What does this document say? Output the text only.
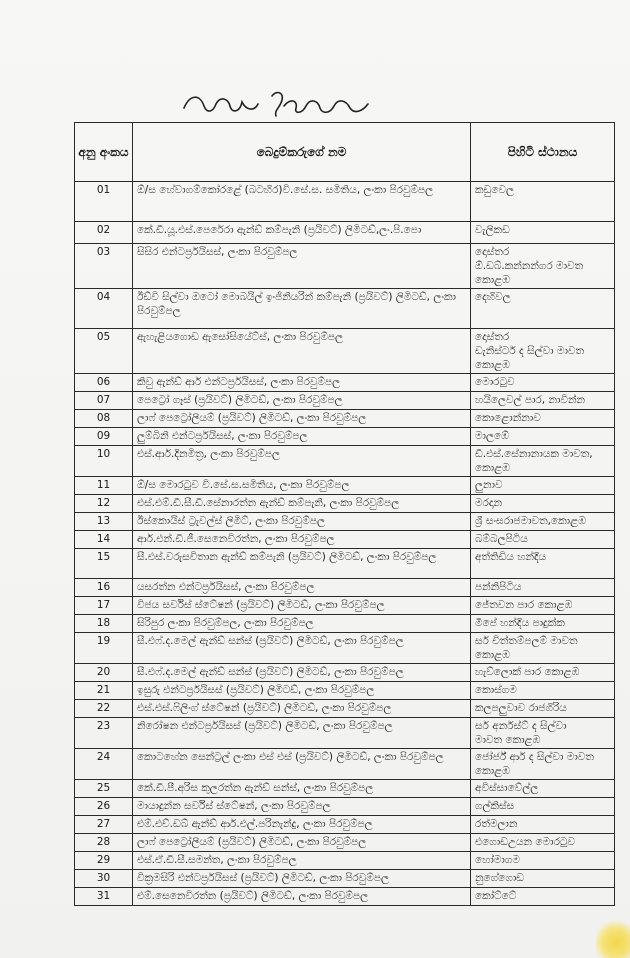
කොළඹ මුරිතකිතය
අනු අංකය	බෙදුම්කරුගේ නම	පිහිටි ස්ථානය
01	ඕ/ස හේවාගම්කෝරළේ (බටහිර)වි.සේ.ස. සමිතිය, ලංකා පිරවුම්පල	කඩුවෙල
02	කේ.ඩී.යූ.එස්.පෙරේරා ඇන්ඩ් කම්පැනි (ප්‍රයිවට්) ලිමිටඩ්,ලං.පි.පො	වැලිකඩ
03	සිසිර එන්ටර්ප්‍රයිසස්, ලංකා පිරවුම්පල	දොස්තර
ඕ.ඩබ්.කන්නන්ගර මාවත
කොළඹ
04	ඊඩ්වි සිල්වා ඔටෝ මොබයිල් ඉංජිනියරින් කම්පැනි (ප්‍රයිවට්) ලිමිටඩ්, ලංකා පිරවුම්පල	දෙහිවල
05	ඇහැළියගොඩ ඇසෝසියේට්ස්, ලංකා පිරවුම්පල	දොස්තර
ඩැනිස්ටර් ද සිල්වා මාවත
කොළඹ
06	කිවු ඇන්ඩ් ආර් එන්ටර්ප්‍රයිසස්, ලංකා පිරවුම්පල	මොරටුව
07	පෙට්‍රෝ ගෑස් (ප්‍රයිවට්) ලිමිටඩ්, ලංකා පිරවුම්පල	හයිලෙවල් පාර, නාවින්න
08	ලාෆ් පෙට්‍රෝලියම් (ප්‍රයිවට්) ලිමිටඩ්, ලංකා පිරවුම්පල	කොළොන්නාව
09	ලුම්බිනි එන්ටර්ප්‍රයිසස්, ලංකා පිරවුම්පල	මාලඹේ
10	එස්.ආර්.දිනමිත්‍ර, ලංකා පිරවුම්පල	ඩී.එස්.සේනානායක මාවත,
කොළඹ
11	ඕ/ස මොරටුව වි.සේ.ස.සමිතිය, ලංකා පිරවුම්පල	ලුනාව
12	එස්.එම්.ඩී.සී.ඩී.සේනාරත්න ඇන්ඩ් කම්පැනි, ලංකා පිරවුම්පල	මරදාන
13	ඊස්කොයිස් ට්‍රැවල්ස් ලිමිට්, ලංකා පිරවුම්පල	ශ්‍රී සංඝරාජමාවත,කොළඹ
14	ආර්.එන්.ඩී.ජී.සෙනෙවිරත්න, ලංකා පිරවුම්පල	බම්බලපිටිය
15	සී.එස්.වරුසවිතාන ඇන්ඩ් කම්පැනි (ප්‍රයිවට්) ලිමිටඩ්, ලංකා පිරවුම්පල	අත්තිඩිය හන්දිය
16	යසරත්න එන්ටර්ප්‍රයිසස්, ලංකා පිරවුම්පල	පන්නිපිටිය
17	විජය සර්විස් ස්ටේෂන් (ප්‍රයිවට්) ලිමිටඩ්, ලංකා පිරවුම්පල	ජේතවන පාර කොළඹ
18	සිරිපුර ලංකා පිරවුම්පල, ලංකා පිරවුම්පල	මීපේ හන්දිය පාදුක්ක
19	සී.එෆ්.ද.මෙල් ඇන්ඩ් සන්ස් (ප්‍රයිවට්) ලිමිටඩ්, ලංකා පිරවුම්පල	සර් චිත්තම්පලම් මාවත
කොළඹ
20	සී.එෆ්.ද.මෙල් ඇන්ඩ් සන්ස් (ප්‍රයිවට්) ලිමිටඩ්, ලංකා පිරවුම්පල	හැව්ලොක් පාර කොළඹ
21	ඉසුරු එන්ටර්ප්‍රයිසස් (ප්‍රයිවට්) ලිමිටඩ්, ලංකා පිරවුම්පල	කොස්ගම
22	එස්.එස්.ෆිලිංග් ස්ටේෂන් (ප්‍රයිවට්) ලිමිටඩ්, ලංකා පිරවුම්පල	කලපලුවාව රාජගිරිය
23	නිරෝෂන එන්ටර්ප්‍රයිසස් (ප්‍රයිවට්) ලිමිටඩ්, ලංකා පිරවුම්පල	සර් අර්නස්ට් ද සිල්වා
මාවත කොළඹ
24	කොටහේන සෙන්ට්‍රල් ලංකා එස් එස් (ප්‍රයිවට්) ලිමිටඩ්, ලංකා පිරවුම්පල	ජෝර්ජ් ආර් ද සිල්වා මාවත
කොළඹ
25	කේ.ඩී.පී.අරිස කුලරත්න ඇන්ඩ් සන්ස්, ලංකා පිරවුම්පල	අවිස්සාවේල්ල
26	මායාදුන්න සර්විස් ස්ටේෂන්, ලංකා පිරවුම්පල	ගල්කිස්ස
27	එම්.එච්.ඩබ් ඇන්ඩ් ආර්.එල්.පරිනැන්දු, ලංකා පිරවුම්පල	රත්මලාන
28	ලාෆ් පෙට්‍රෝලියම් (ප්‍රයිවට්) ලිමිටඩ්, ලංකා පිරවුම්පල	එගොඩඋයන මොරටුව
29	එස්.ඒ.ඩී.සී.සමන්ත, ලංකා පිරවුම්පල	හෝමාගම
30	වික්‍රමසිරි එන්ටර්ප්‍රයිසස් (ප්‍රයිවට්) ලිමිටඩ්, ලංකා පිරවුම්පල	නුගේගොඩ
31	එම්.සෙනෙවිරත්න (ප්‍රයිවට්) ලිමිටඩ්, ලංකා පිරවුම්පල	කෝට්ටේ
